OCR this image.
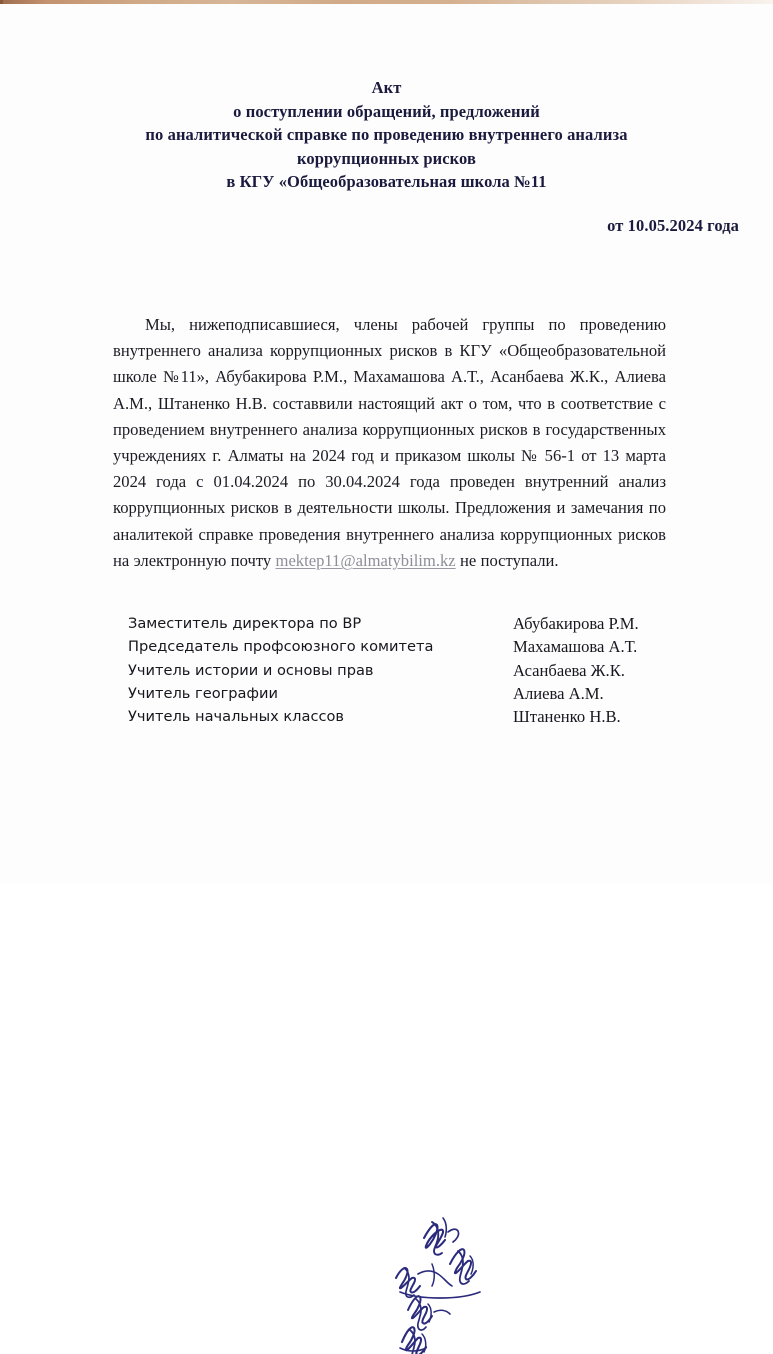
Акт
о поступлении обращений, предложений
по аналитической справке по проведению внутреннего анализа
коррупционных рисков
в КГУ «Общеобразовательная школа №11
от 10.05.2024 года

Мы, нижеподписавшиеся, члены рабочей группы по проведению внутреннего анализа коррупционных рисков в КГУ «Общеобразовательной школе №11», Абубакирова Р.М., Махамашова А.Т., Асанбаева Ж.К., Алиева А.М., Штаненко Н.В. составвили настоящий акт о том, что в соответствие с проведением внутреннего анализа коррупционных рисков в государственных учреждениях г. Алматы на 2024 год и приказом школы № 56-1 от 13 марта 2024 года с 01.04.2024 по 30.04.2024 года проведен внутренний анализ коррупционных рисков в деятельности школы. Предложения и замечания по аналитекой справке проведения внутреннего анализа коррупционных рисков на электронную почту mektep11@almatybilim.kz не поступали.

Заместитель директора по ВР
Председатель профсоюзного комитета
Учитель истории и основы прав
Учитель географии
Учитель начальных классов
Абубакирова Р.М.
Махамашова А.Т.
Асанбаева Ж.К.
Алиева А.М.
Штаненко Н.В.
